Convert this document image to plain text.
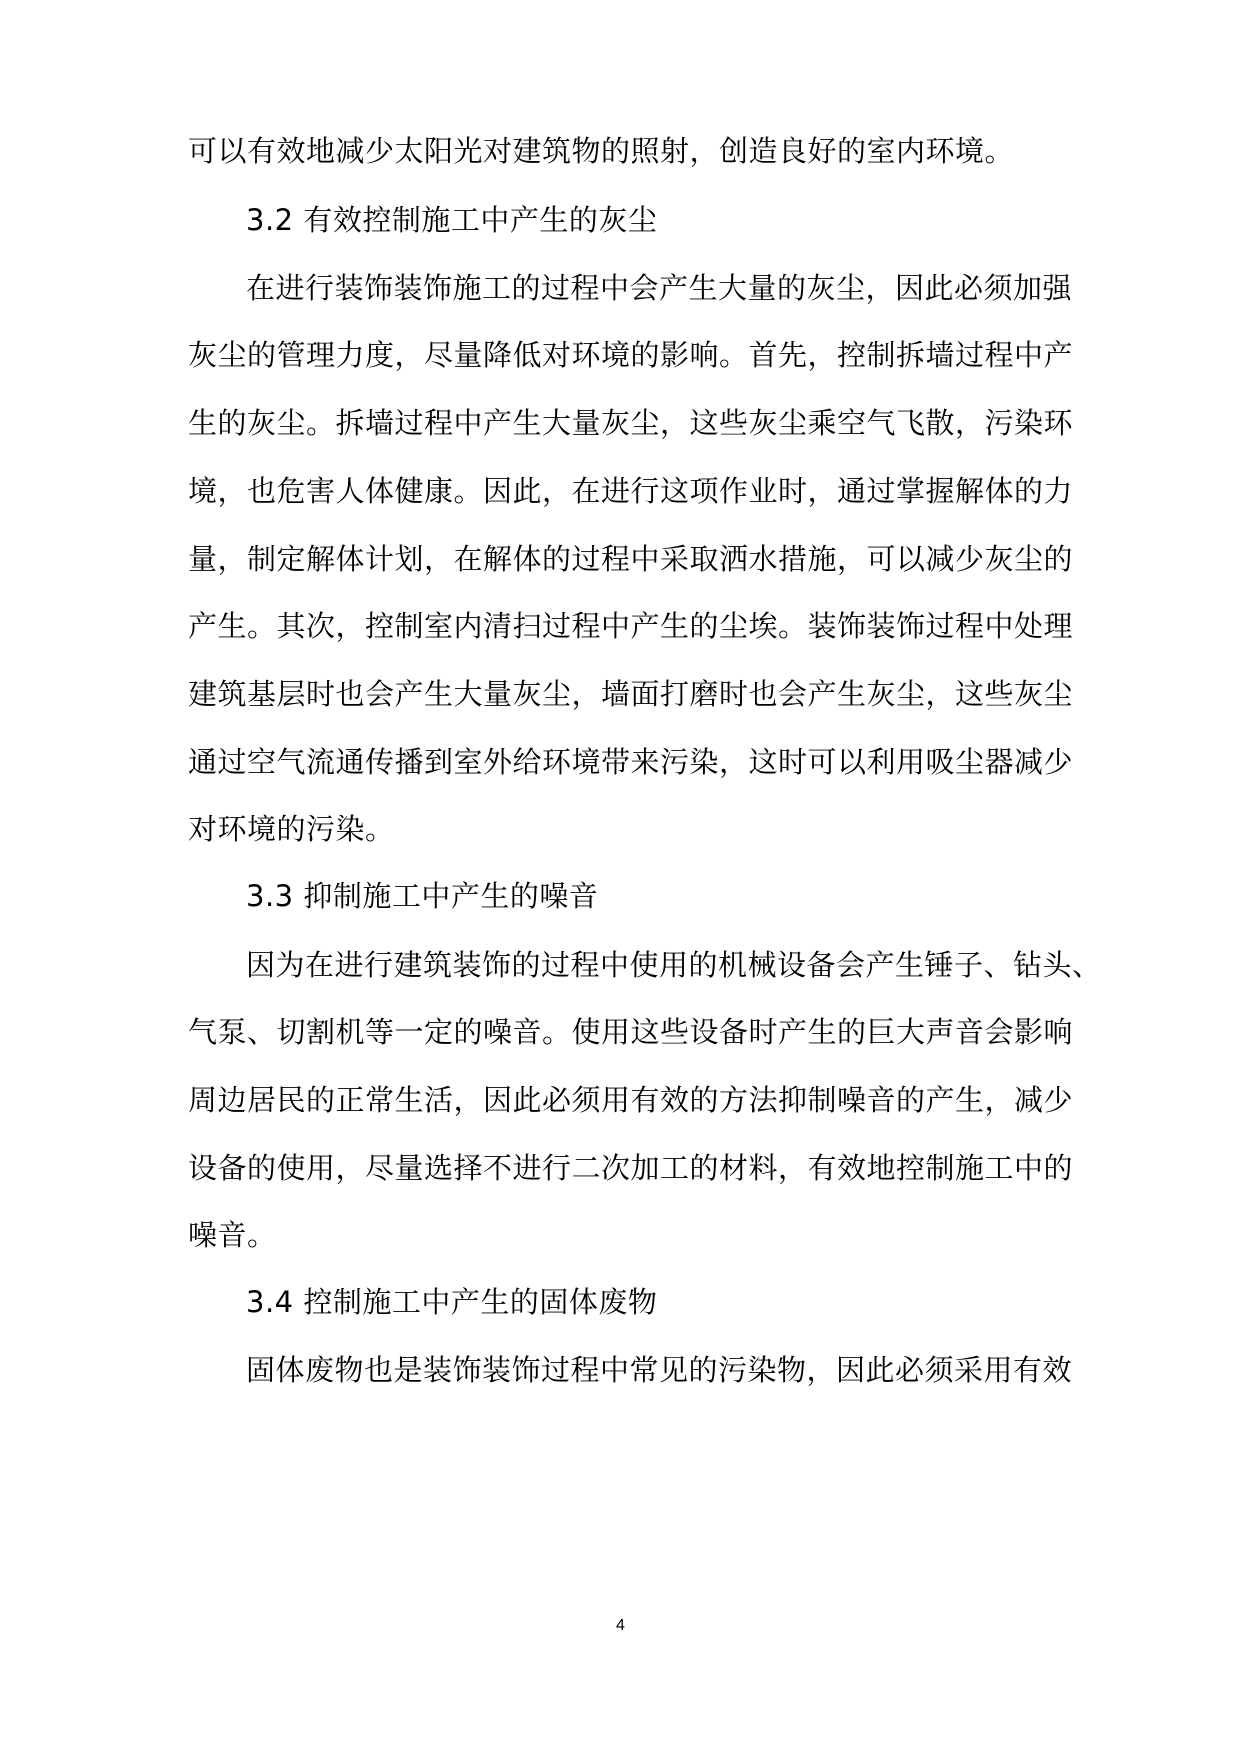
可以有效地减少太阳光对建筑物的照射，创造良好的室内环境。
3.2 有效控制施工中产生的灰尘
在进行装饰装饰施工的过程中会产生大量的灰尘，因此必须加强
灰尘的管理力度，尽量降低对环境的影响。首先，控制拆墙过程中产
生的灰尘。拆墙过程中产生大量灰尘，这些灰尘乘空气飞散，污染环
境，也危害人体健康。因此，在进行这项作业时，通过掌握解体的力
量，制定解体计划，在解体的过程中采取洒水措施，可以减少灰尘的
产生。其次，控制室内清扫过程中产生的尘埃。装饰装饰过程中处理
建筑基层时也会产生大量灰尘，墙面打磨时也会产生灰尘，这些灰尘
通过空气流通传播到室外给环境带来污染，这时可以利用吸尘器减少
对环境的污染。
3.3 抑制施工中产生的噪音
因为在进行建筑装饰的过程中使用的机械设备会产生锤子、钻头、
气泵、切割机等一定的噪音。使用这些设备时产生的巨大声音会影响
周边居民的正常生活，因此必须用有效的方法抑制噪音的产生，减少
设备的使用，尽量选择不进行二次加工的材料，有效地控制施工中的
噪音。
3.4 控制施工中产生的固体废物
固体废物也是装饰装饰过程中常见的污染物，因此必须采用有效
4
